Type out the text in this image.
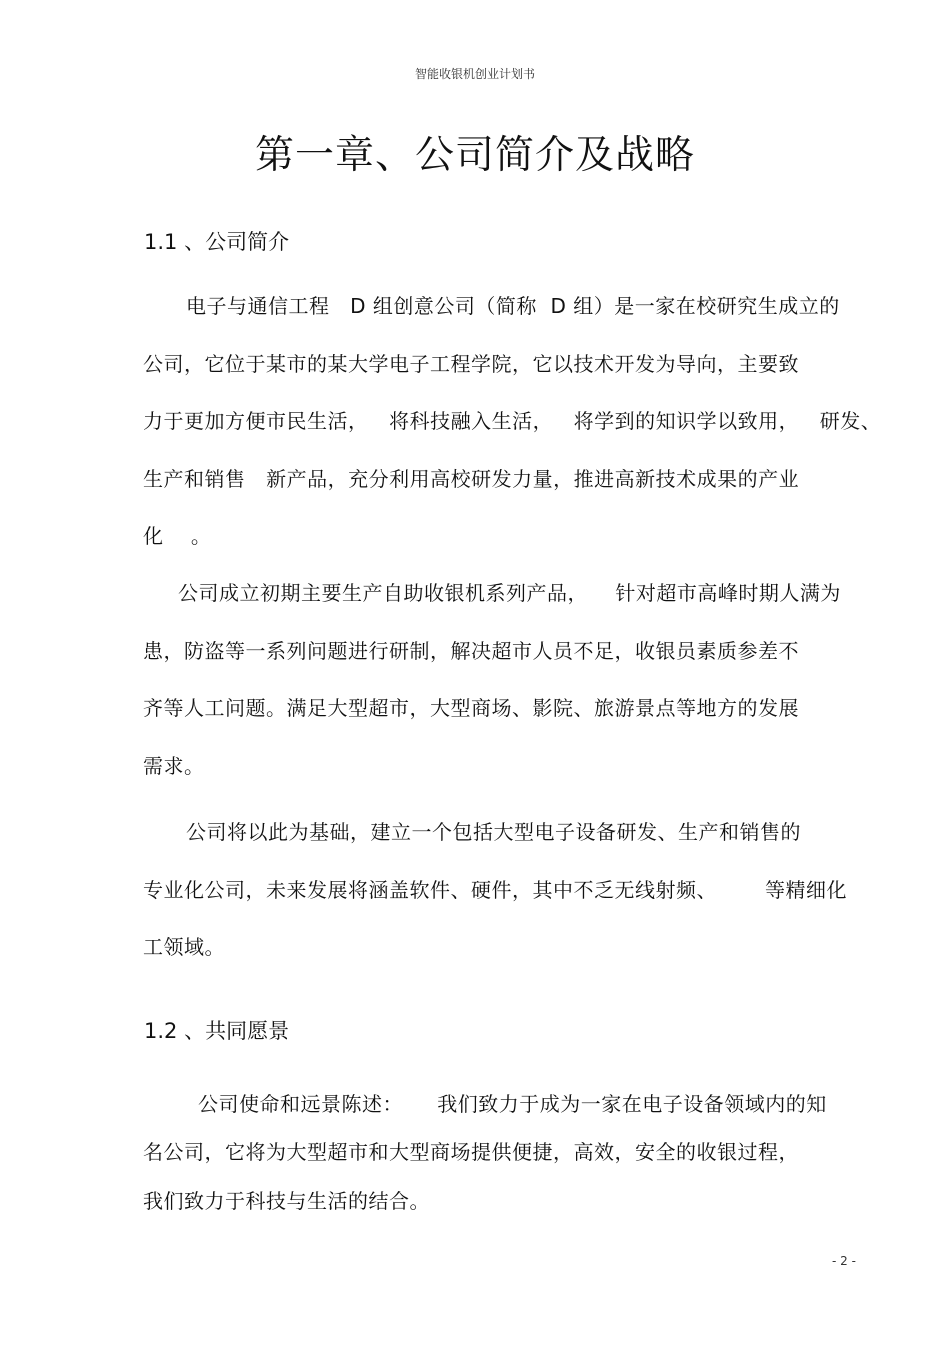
智能收银机创业计划书
第一章、公司简介及战略
1.1 、公司简介
电子与通信工程   D 组创意公司（简称  D 组）是一家在校研究生成立的
公司，它位于某市的某大学电子工程学院，它以技术开发为导向，主要致
力于更加方便市民生活，   将科技融入生活，   将学到的知识学以致用，   研发、
生产和销售   新产品，充分利用高校研发力量，推进高新技术成果的产业
化    。
公司成立初期主要生产自助收银机系列产品，    针对超市高峰时期人满为
患，防盗等一系列问题进行研制，解决超市人员不足，收银员素质参差不
齐等人工问题。满足大型超市，大型商场、影院、旅游景点等地方的发展
需求。
公司将以此为基础，建立一个包括大型电子设备研发、生产和销售的
专业化公司，未来发展将涵盖软件、硬件，其中不乏无线射频、       等精细化
工领域。
1.2 、共同愿景
公司使命和远景陈述：     我们致力于成为一家在电子设备领域内的知
名公司，它将为大型超市和大型商场提供便捷，高效，安全的收银过程，
我们致力于科技与生活的结合。
- 2 -
